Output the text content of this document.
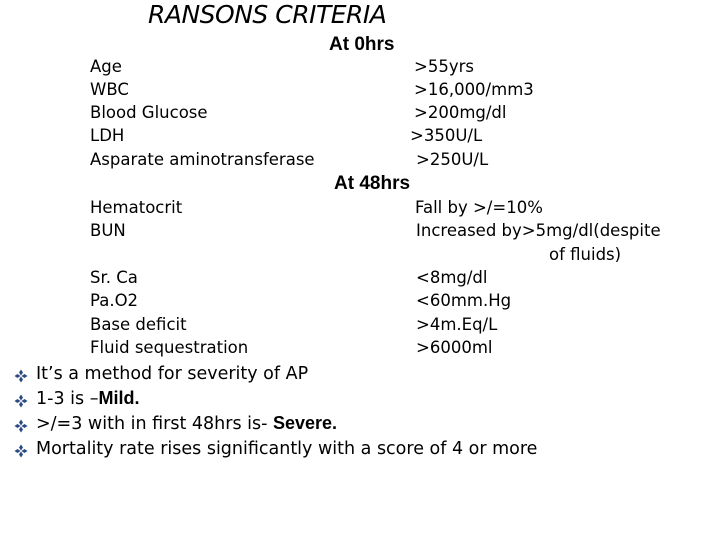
RANSONS CRITERIA
At 0hrs
Age	>55yrs
WBC	>16,000/mm3
Blood Glucose	>200mg/dl
LDH	>350U/L
Asparate aminotransferase	>250U/L
At 48hrs
Hematocrit	Fall by >/=10%
BUN	Increased by>5mg/dl(despite
of fluids)
Sr. Ca	<8mg/dl
Pa.O2	<60mm.Hg
Base deficit	>4m.Eq/L
Fluid sequestration	>6000ml
It’s a method for severity of AP
1-3 is –Mild.
>/=3 with in first 48hrs is- Severe.
Mortality rate rises significantly with a score of 4 or more
